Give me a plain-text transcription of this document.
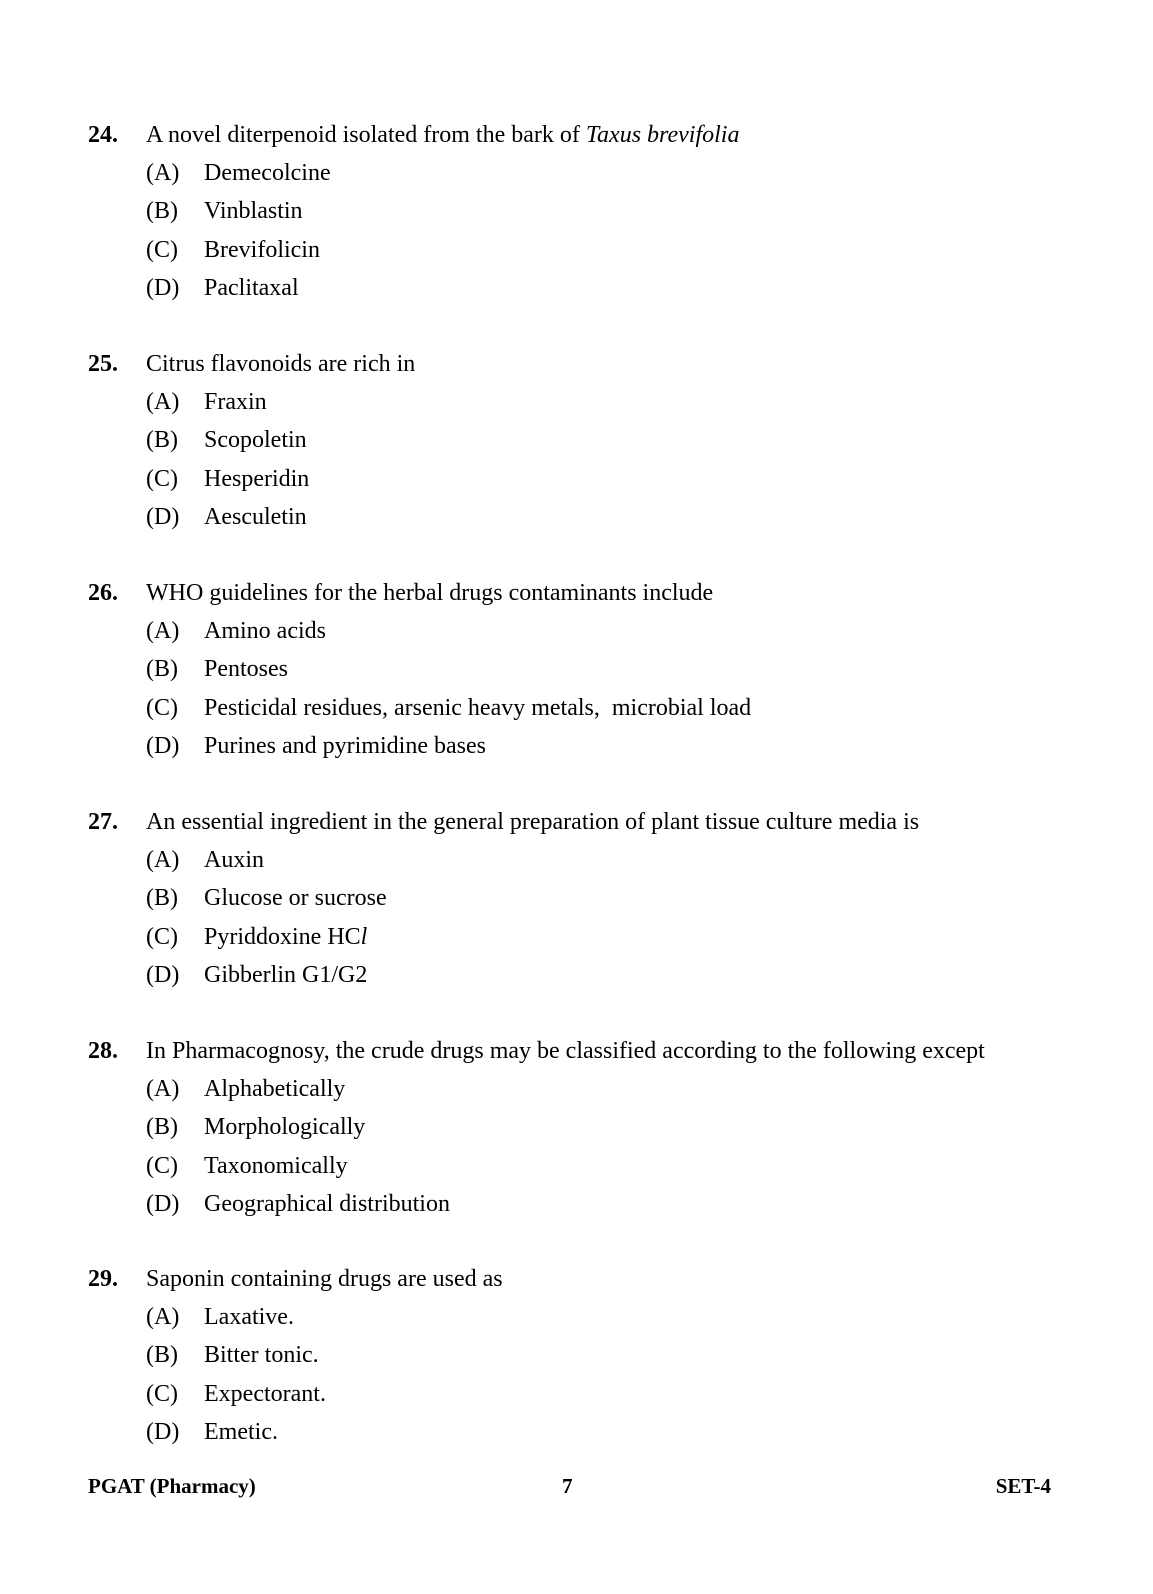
24. A novel diterpenoid isolated from the bark of Taxus brevifolia
(A) Demecolcine
(B) Vinblastin
(C) Brevifolicin
(D) Paclitaxal
25. Citrus flavonoids are rich in
(A) Fraxin
(B) Scopoletin
(C) Hesperidin
(D) Aesculetin
26. WHO guidelines for the herbal drugs contaminants include
(A) Amino acids
(B) Pentoses
(C) Pesticidal residues, arsenic heavy metals,  microbial load
(D) Purines and pyrimidine bases
27. An essential ingredient in the general preparation of plant tissue culture media is
(A) Auxin
(B) Glucose or sucrose
(C) Pyriddoxine HCl
(D) Gibberlin G1/G2
28. In Pharmacognosy, the crude drugs may be classified according to the following except
(A) Alphabetically
(B) Morphologically
(C) Taxonomically
(D) Geographical distribution
29. Saponin containing drugs are used as
(A) Laxative.
(B) Bitter tonic.
(C) Expectorant.
(D) Emetic.
PGAT (Pharmacy)	7	SET-4
